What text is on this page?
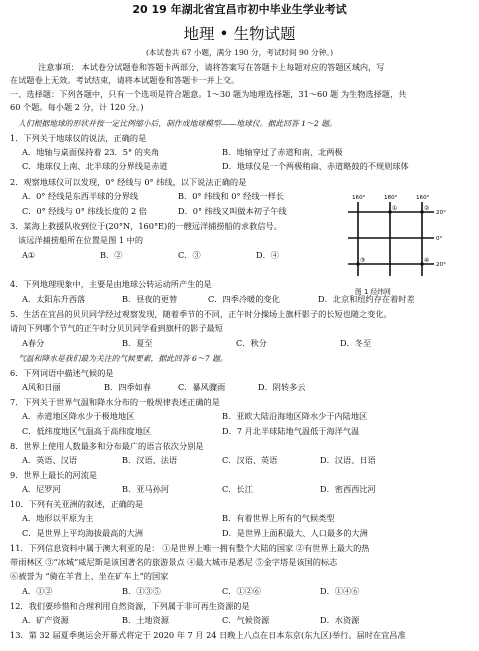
20 19 年湖北省宜昌市初中毕业生学业考试
地理 • 生物试题
(本试卷共 67 小题，满分 190 分，考试时间 90 分钟。)
注意事项： 本试卷分试题卷和答题卡两部分，请将答案写在答题卡上每题对应的答题区域内，写
在试题卷上无效。考试结束，请将本试题卷和答题卡一并上交。
一、选择题：下列各题中，只有一个选项是符合题意。1～30 题为地理选择题，31～60 题 为生物选择题，共
60 个题。每小题 2 分，计 120 分。)
人们根据地球的形状并按一定比例缩小后，制作成地球模型——地球仪。据此回答 1～2 题。
1．下列关于地球仪的说法，正确的是
A．地轴与桌面保持着 23．5° 的夹角	B．地轴穿过了赤道和南、北两极
C．地球仪上南、北半球的分界线是赤道	D．地球仪是一个两极稍扁、赤道略鼓的不规则球体
2．观察地球仪可以发现，0° 经线与 0° 纬线，以下说法正确的是
A．0° 经线是东西半球的分界线	B．0° 纬线和 0° 经线一样长
C．0° 经线与 0° 纬线长度的 2 倍	D．0° 纬线又叫做本初子午线
3．某海上救援队收到位于(20°N，160°E)的一艘远洋捕捞船的求救信号。
该远洋捕捞船所在位置是图 1 中的
A①	B．②	C．③	D．④
160°	180°	160°
20°
0°
20°
①	②
③	④
图 1 经纬网
4．下列地理现象中，主要是由地球公转运动所产生的是
A．太阳东升西落	B．昼夜的更替	C．四季冷暖的变化	D．北京和纽约存在着时差
5．生活在宜昌的贝贝同学经过观察发现，随着季节的不同，正午时分操场上旗杆影子的长短也随之变化。
请问下列哪个节气的正午时分贝贝同学看到旗杆的影子最短
A春分	B．夏至	C．秋分	D．冬至
气温和降水是我们最为关注的气候要素，据此回答 6～7 题。
6．下列词语中描述气候的是
A风和日丽	B．四季如春	C．暴风骤雨	D．阴转多云
7．下列关于世界气温和降水分布的一般规律表述正确的是
A．赤道地区降水少于极地地区	B．亚欧大陆沿海地区降水少于内陆地区
C．低纬度地区气温高于高纬度地区	D．7 月北半球陆地气温低于海洋气温
8．世界上使用人数最多和分布最广的语言依次分别是
A．英语、汉语	B．汉语、法语	C．汉语、英语	D．汉语、日语
9．世界上最长的河流是
A．尼罗河	B．亚马孙河	C．长江	D．密西西比河
10．下列有关亚洲的叙述，正确的是
A．地形以平原为主	B．有着世界上所有的气候类型
C．是世界上平均海拔最高的大洲	D．是世界上面积最大、人口最多的大洲
11．下列信息资料中属于澳大利亚的是： ①是世界上唯一拥有整个大陆的国家 ②有世界上最大的热
带雨林区 ③“冰城”威尼斯是该国著名的旅游景点 ④最大城市是悉尼 ⑤金字塔是该国的标志
⑥被誉为 “骑在羊背上、坐在矿车上”的国家
A．①②	B．①③⑤	C．①②⑥	D．①④⑥
12．我们要珍惜和合理利用自然资源，下列属于非可再生资源的是
A．矿产资源	B．土地资源	C．气候资源	D．水资源
13．第 32 届夏季奥运会开幕式将定于 2020 年 7 月 24 日晚上八点在日本东京(东九区)举行。届时在宜昌准
